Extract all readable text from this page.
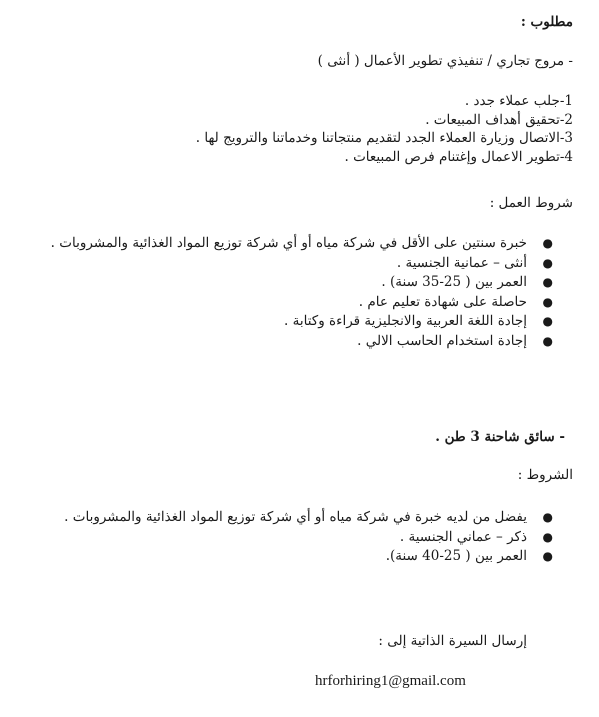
مطلوب :
- مروج تجاري / تنفيذي تطوير الأعمال ( أنثى )
1-جلب عملاء جدد .
2-تحقيق أهداف المبيعات .
3-الاتصال وزيارة العملاء الجدد لتقديم منتجاتنا وخدماتنا والترويج لها .
4-تطوير الاعمال وإغتنام فرص المبيعات .
شروط العمل :
●
خبرة سنتين على الأقل في شركة مياه أو أي شركة توزيع المواد الغذائية والمشروبات .
●
أنثى – عمانية الجنسية .
●
العمر بين ( 25-35 سنة) .
●
حاصلة على شهادة تعليم عام .
●
إجادة اللغة العربية والانجليزية قراءة وكتابة .
●
إجادة استخدام الحاسب الالي .
- سائق شاحنة 3 طن .
الشروط :
●
يفضل من لديه خبرة في شركة مياه أو أي شركة توزيع المواد الغذائية والمشروبات .
●
ذكر – عماني الجنسية .
●
العمر بين ( 25-40 سنة).
إرسال السيرة الذاتية إلى :
hrforhiring1@gmail.com
